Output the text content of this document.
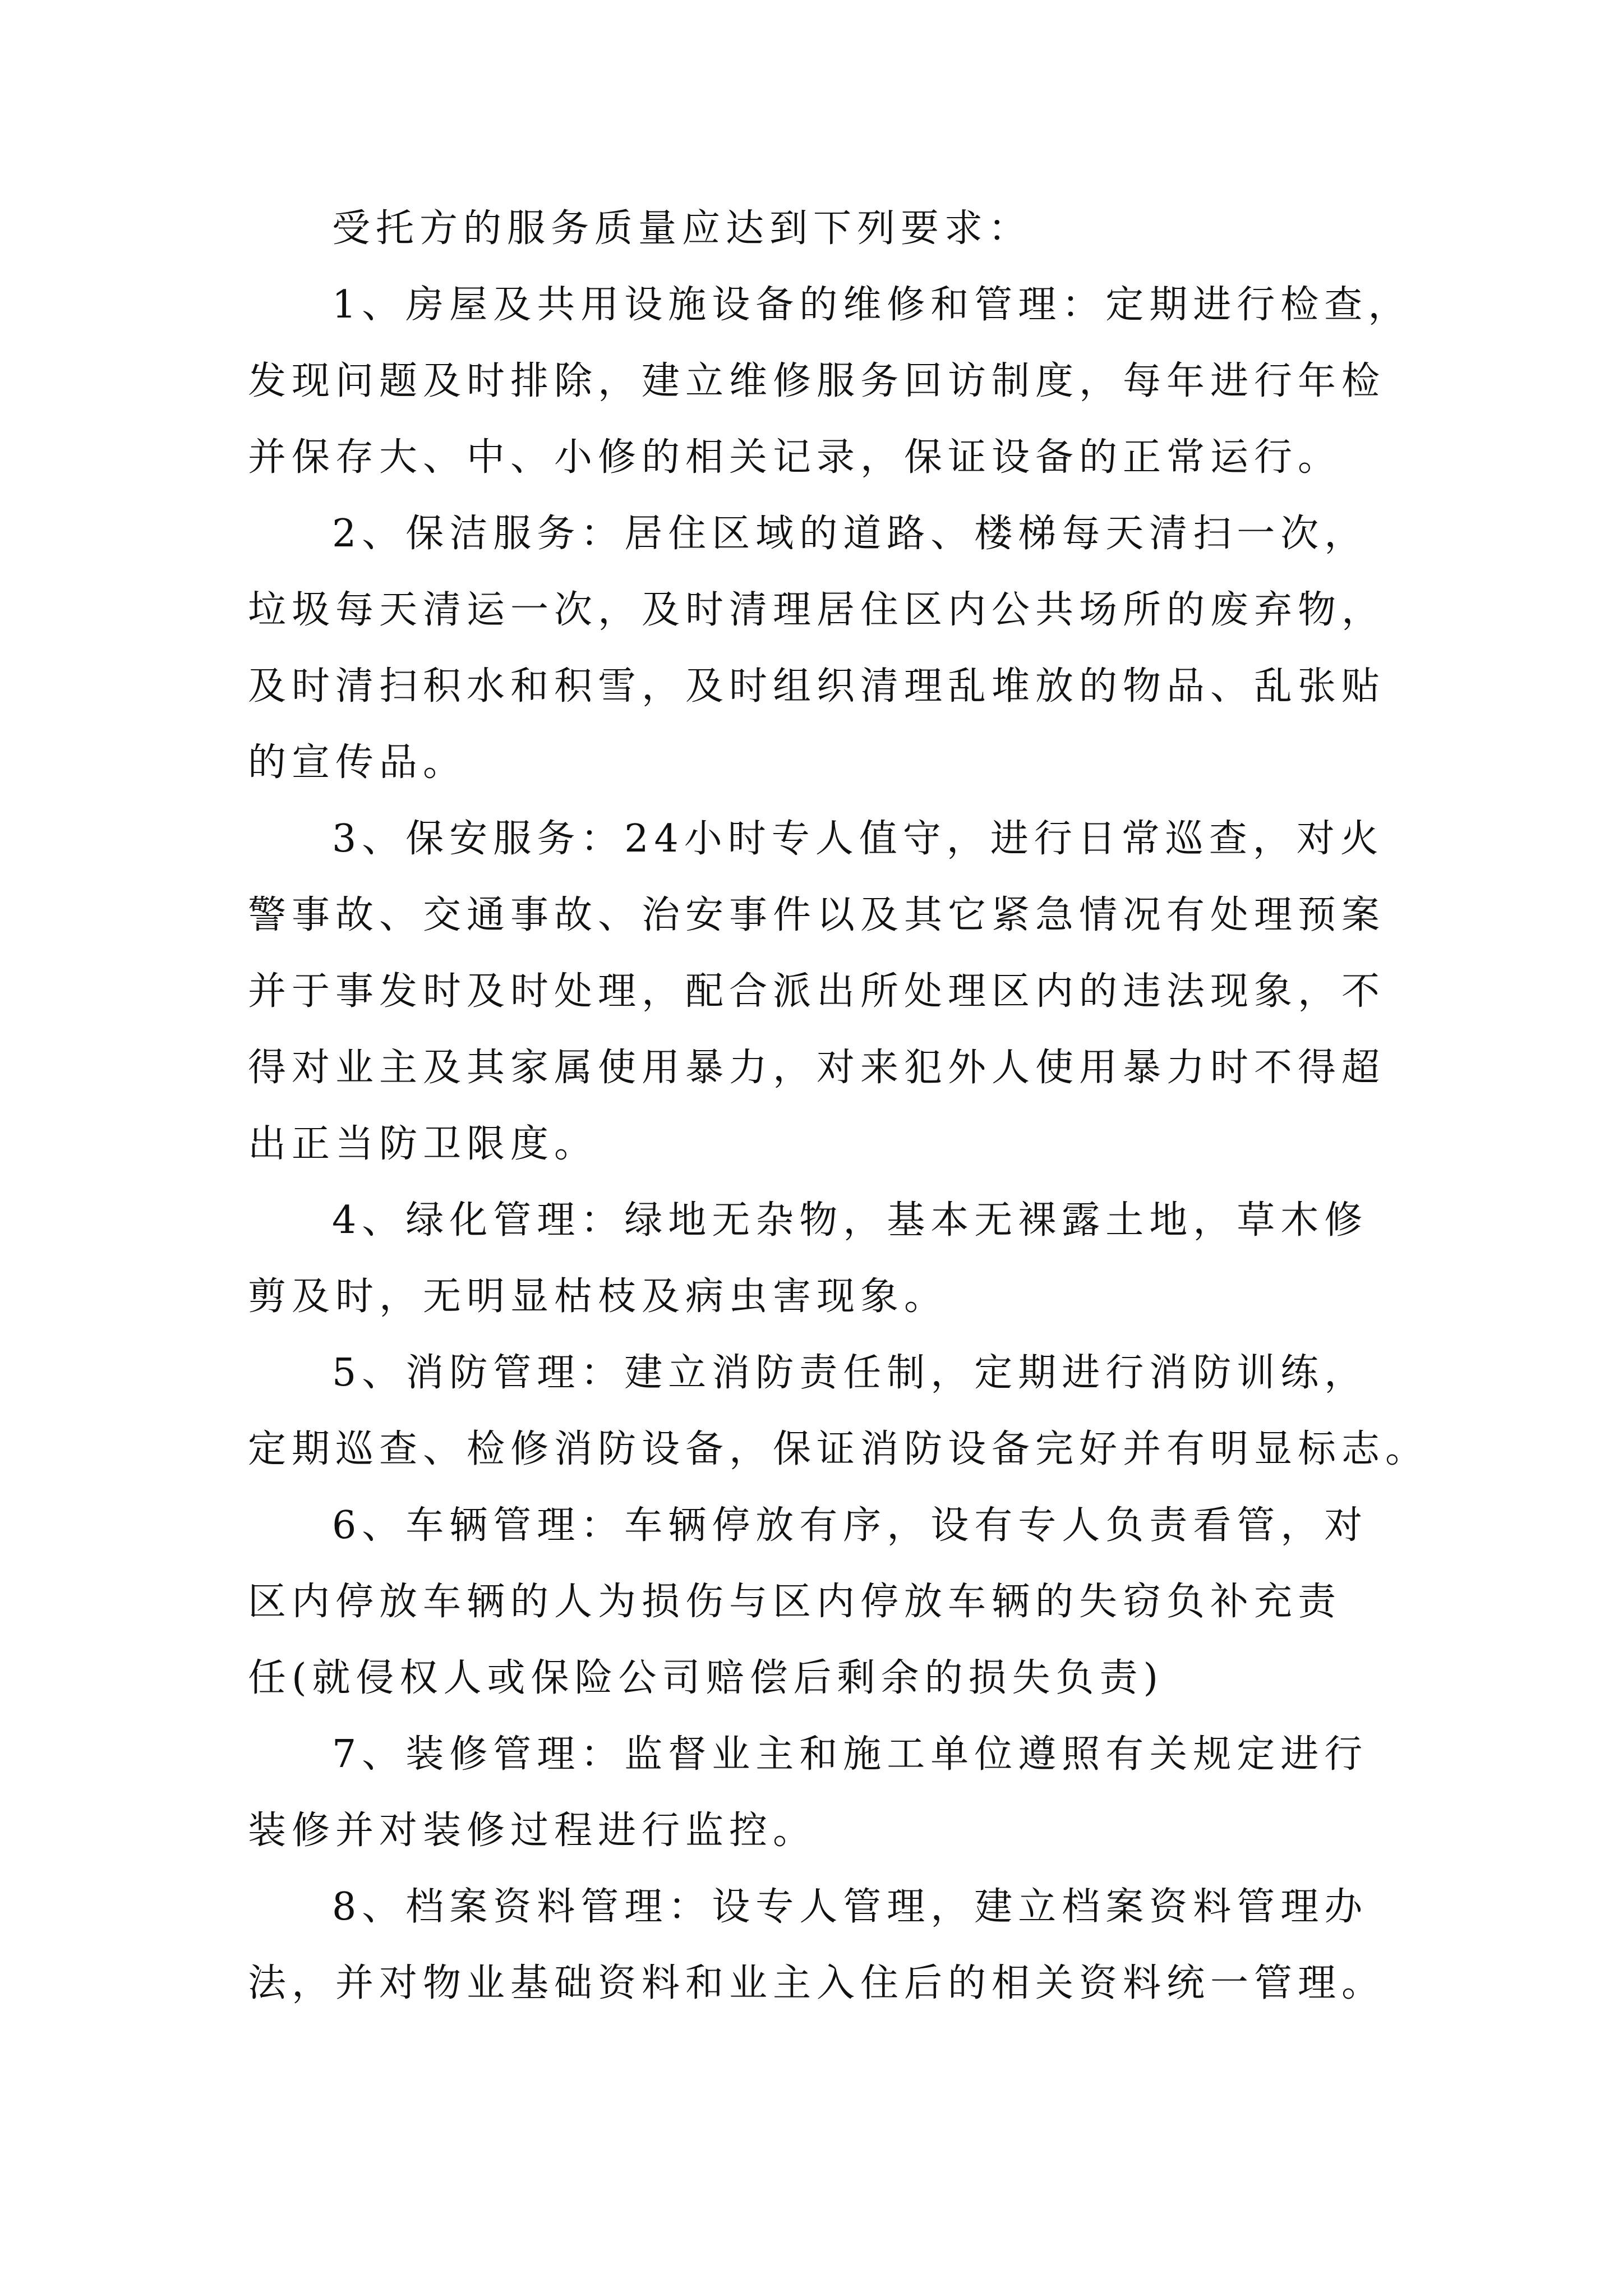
受托方的服务质量应达到下列要求：

1、房屋及共用设施设备的维修和管理：定期进行检查，
发现问题及时排除，建立维修服务回访制度，每年进行年检
并保存大、中、小修的相关记录，保证设备的正常运行。

2、保洁服务：居住区域的道路、楼梯每天清扫一次，
垃圾每天清运一次，及时清理居住区内公共场所的废弃物，
及时清扫积水和积雪，及时组织清理乱堆放的物品、乱张贴
的宣传品。

3、保安服务：24小时专人值守，进行日常巡查，对火
警事故、交通事故、治安事件以及其它紧急情况有处理预案
并于事发时及时处理，配合派出所处理区内的违法现象，不
得对业主及其家属使用暴力，对来犯外人使用暴力时不得超
出正当防卫限度。

4、绿化管理：绿地无杂物，基本无裸露土地，草木修
剪及时，无明显枯枝及病虫害现象。

5、消防管理：建立消防责任制，定期进行消防训练，
定期巡查、检修消防设备，保证消防设备完好并有明显标志。

6、车辆管理：车辆停放有序，设有专人负责看管，对
区内停放车辆的人为损伤与区内停放车辆的失窃负补充责
任(就侵权人或保险公司赔偿后剩余的损失负责)

7、装修管理：监督业主和施工单位遵照有关规定进行
装修并对装修过程进行监控。

8、档案资料管理：设专人管理，建立档案资料管理办
法，并对物业基础资料和业主入住后的相关资料统一管理。
